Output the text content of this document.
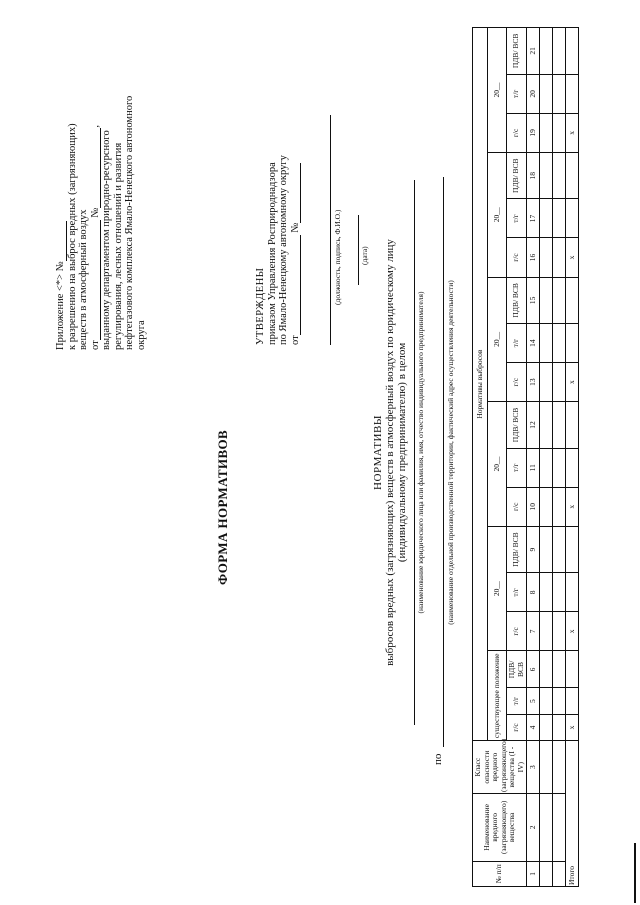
Приложение <*> № к разрешению на выброс вредных (загрязняющих) веществ в атмосферный воздух от №,
выданному департаментом природно-ресурсного регулирования, лесных отношений и развития нефтегазового комплекса Ямало-Ненецкого автономного округа
ФОРМА НОРМАТИВОВ
УТВЕРЖДЕНЫ приказом Управления Росприроднадзора по Ямало-Ненецкому автономному округу от №	(должность, подпись, Ф.И.О.) (дата)
НОРМАТИВЫ выбросов вредных (загрязняющих) веществ в атмосферный воздух по юридическому лицу (индивидуальному предпринимателю) в целом (наименование юридического лица или фамилия, имя, отчество индивидуального предпринимателя)
по
(наименование отдельной производственной территории, фактический адрес осуществления деятельности)
№ п/п	Наименование вредного (загрязняющего) вещества	Класс опасности вредного (загрязняющего) вещества (I - IV)	Нормативы выбросов																	
			существующее положение			20__			20__			20__			20__			20__		

			г/с	т/г	ПДВ/ ВСВ	г/с	т/г	ПДВ/ ВСВ	г/с	т/г	ПДВ/ ВСВ	г/с	т/г	ПДВ/ ВСВ	г/с	т/г	ПДВ/ ВСВ	г/с	т/г	ПДВ/ ВСВ
1	2	3	4	5	6	7	8	9	10	11	12	13	14	15	16	17	18	19	20	21

Итого			x			x			x			x			x			x		
